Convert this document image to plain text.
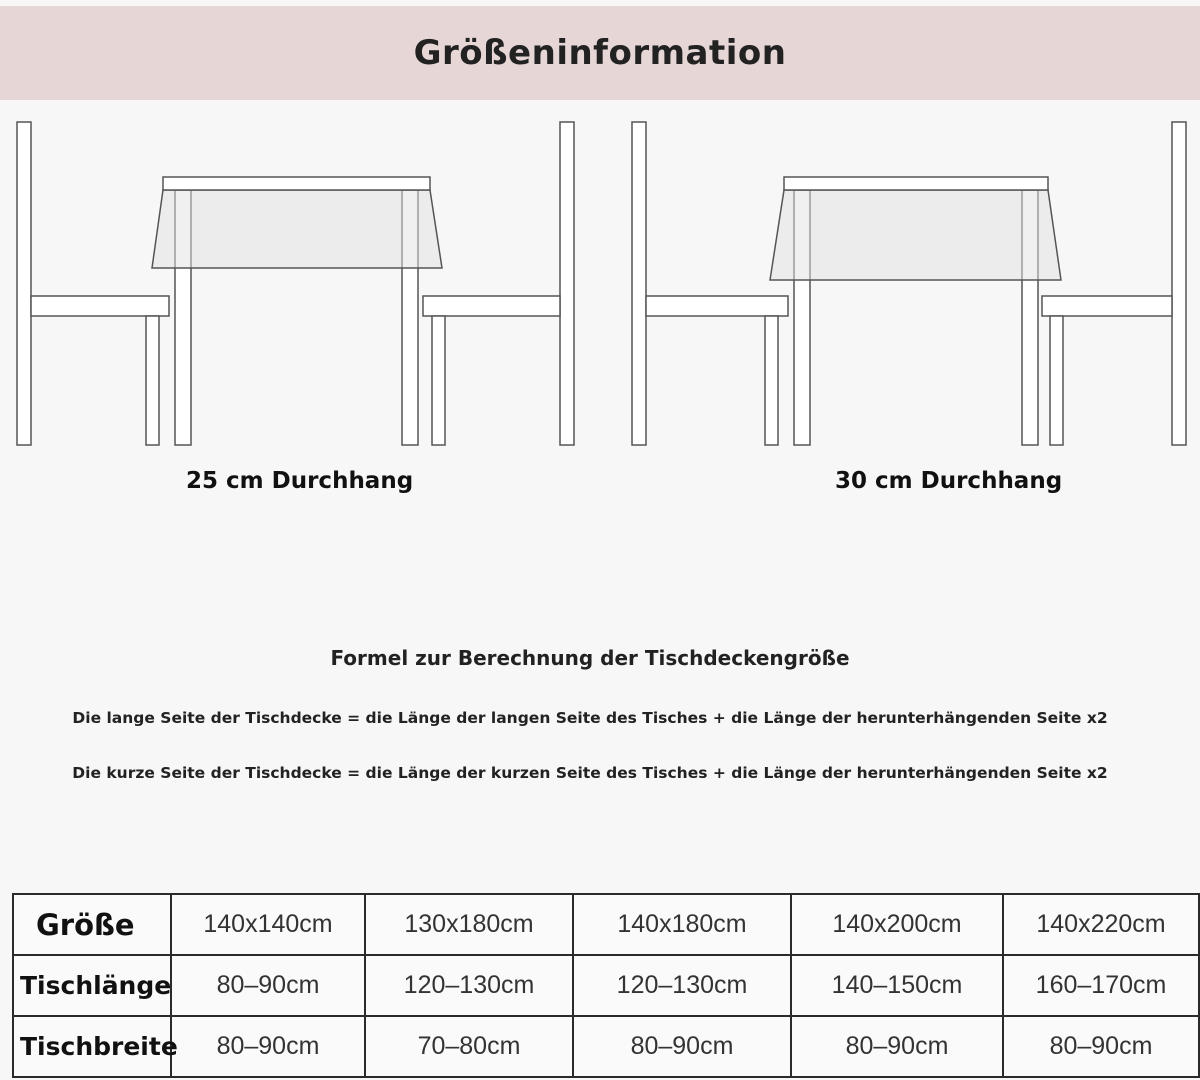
Größeninformation
25 cm Durchhang	30 cm Durchhang
Formel zur Berechnung der Tischdeckengröße
Die lange Seite der Tischdecke = die Länge der langen Seite des Tisches + die Länge der herunterhängenden Seite x2
Die kurze Seite der Tischdecke = die Länge der kurzen Seite des Tisches + die Länge der herunterhängenden Seite x2
Größe	140x140cm	130x180cm	140x180cm	140x200cm	140x220cm
Tischlänge	80–90cm	120–130cm	120–130cm	140–150cm	160–170cm
Tischbreite	80–90cm	70–80cm	80–90cm	80–90cm	80–90cm
